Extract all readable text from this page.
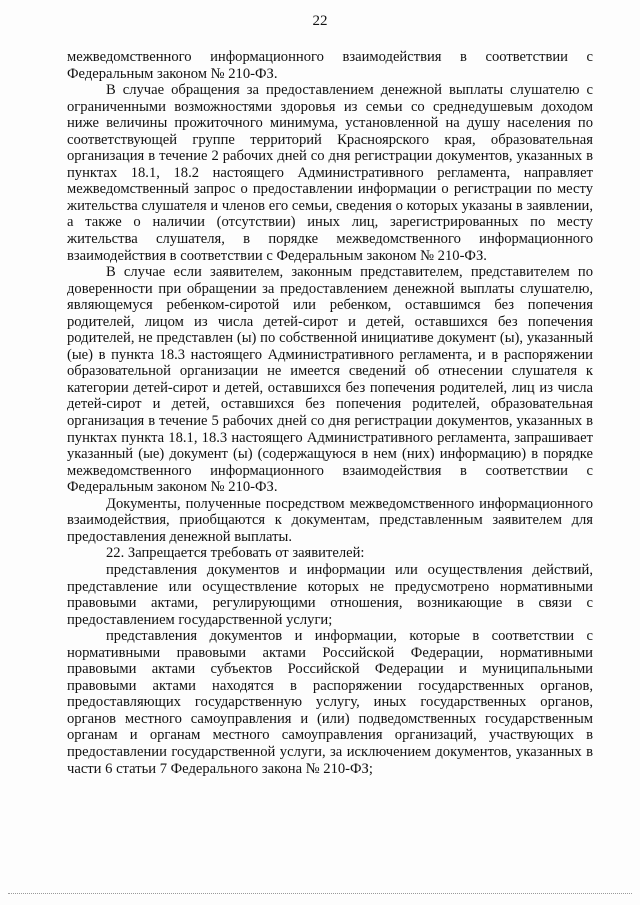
22

межведомственного информационного взаимодействия в соответствии с Федеральным законом № 210-ФЗ.

В случае обращения за предоставлением денежной выплаты слушателю с ограниченными возможностями здоровья из семьи со среднедушевым доходом ниже величины прожиточного минимума, установленной на душу населения по соответствующей группе территорий Красноярского края, образовательная организация в течение 2 рабочих дней со дня регистрации документов, указанных в пунктах 18.1, 18.2 настоящего Административного регламента, направляет межведомственный запрос о предоставлении информации о регистрации по месту жительства слушателя и членов его семьи, сведения о которых указаны в заявлении, а также о наличии (отсутствии) иных лиц, зарегистрированных по месту жительства слушателя, в порядке межведомственного информационного взаимодействия в соответствии с Федеральным законом № 210-ФЗ.

В случае если заявителем, законным представителем, представителем по доверенности при обращении за предоставлением денежной выплаты слушателю, являющемуся ребенком-сиротой или ребенком, оставшимся без попечения родителей, лицом из числа детей-сирот и детей, оставшихся без попечения родителей, не представлен (ы) по собственной инициативе документ (ы), указанный (ые) в пункта 18.3 настоящего Административного регламента, и в распоряжении образовательной организации не имеется сведений об отнесении слушателя к категории детей-сирот и детей, оставшихся без попечения родителей, лиц из числа детей-сирот и детей, оставшихся без попечения родителей, образовательная организация в течение 5 рабочих дней со дня регистрации документов, указанных в пунктах пункта 18.1, 18.3 настоящего Административного регламента, запрашивает указанный (ые) документ (ы) (содержащуюся в нем (них) информацию) в порядке межведомственного информационного взаимодействия в соответствии с Федеральным законом № 210-ФЗ.

Документы, полученные посредством межведомственного информационного взаимодействия, приобщаются к документам, представленным заявителем для предоставления денежной выплаты.

22. Запрещается требовать от заявителей:

представления документов и информации или осуществления действий, представление или осуществление которых не предусмотрено нормативными правовыми актами, регулирующими отношения, возникающие в связи с предоставлением государственной услуги;

представления документов и информации, которые в соответствии с нормативными правовыми актами Российской Федерации, нормативными правовыми актами субъектов Российской Федерации и муниципальными правовыми актами находятся в распоряжении государственных органов, предоставляющих государственную услугу, иных государственных органов, органов местного самоуправления и (или) подведомственных государственным органам и органам местного самоуправления организаций, участвующих в предоставлении государственной услуги, за исключением документов, указанных в части 6 статьи 7 Федерального закона № 210-ФЗ;
